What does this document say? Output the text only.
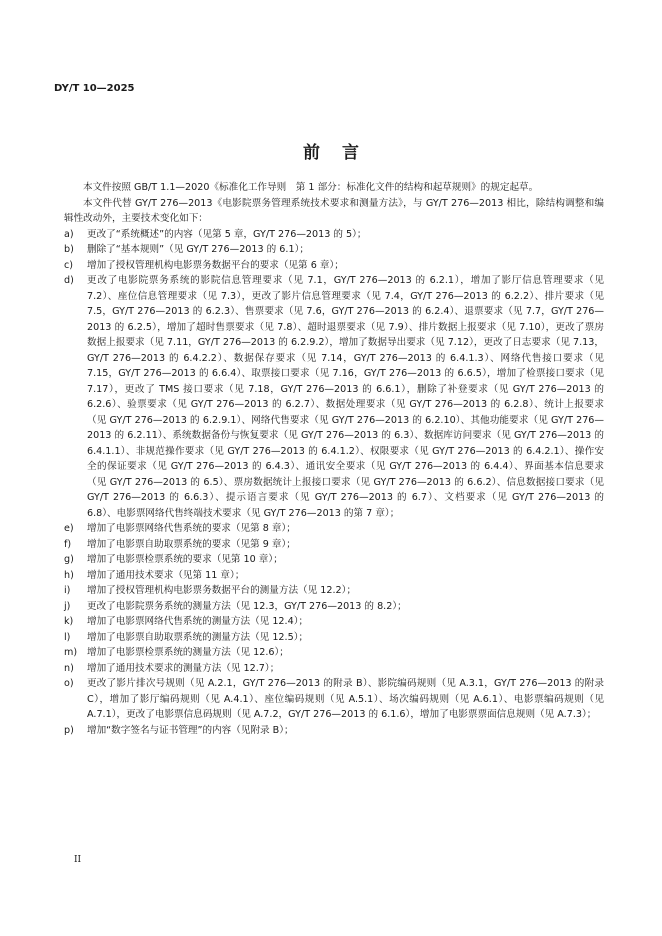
DY/T 10—2025
前言
本文件按照 GB/T 1.1—2020《标准化工作导则　第 1 部分：标准化文件的结构和起草规则》的规定起草。
本文件代替 GY/T 276—2013《电影院票务管理系统技术要求和测量方法》，与 GY/T 276—2013 相比，除结构调整和编辑性改动外，主要技术变化如下：
a)	更改了“系统概述”的内容（见第 5 章，GY/T 276—2013 的 5）；
b)	删除了“基本规则”（见 GY/T 276—2013 的 6.1）；
c)	增加了授权管理机构电影票务数据平台的要求（见第 6 章）；
d)	更改了电影院票务系统的影院信息管理要求（见 7.1，GY/T 276—2013 的 6.2.1），增加了影厅信息管理要求（见 7.2）、座位信息管理要求（见 7.3），更改了影片信息管理要求（见 7.4，GY/T 276—2013 的 6.2.2）、排片要求（见 7.5，GY/T 276—2013 的 6.2.3）、售票要求（见 7.6，GY/T 276—2013 的 6.2.4）、退票要求（见 7.7，GY/T 276—2013 的 6.2.5），增加了超时售票要求（见 7.8）、超时退票要求（见 7.9）、排片数据上报要求（见 7.10），更改了票房数据上报要求（见 7.11，GY/T 276—2013 的 6.2.9.2），增加了数据导出要求（见 7.12），更改了日志要求（见 7.13，GY/T 276—2013 的 6.4.2.2）、数据保存要求（见 7.14，GY/T 276—2013 的 6.4.1.3）、网络代售接口要求（见 7.15，GY/T 276—2013 的 6.6.4）、取票接口要求（见 7.16，GY/T 276—2013 的 6.6.5），增加了检票接口要求（见 7.17），更改了 TMS 接口要求（见 7.18，GY/T 276—2013 的 6.6.1），删除了补登要求（见 GY/T 276—2013 的 6.2.6）、验票要求（见 GY/T 276—2013 的 6.2.7）、数据处理要求（见 GY/T 276—2013 的 6.2.8）、统计上报要求（见 GY/T 276—2013 的 6.2.9.1）、网络代售要求（见 GY/T 276—2013 的 6.2.10）、其他功能要求（见 GY/T 276—2013 的 6.2.11）、系统数据备份与恢复要求（见 GY/T 276—2013 的 6.3）、数据库访问要求（见 GY/T 276—2013 的 6.4.1.1）、非规范操作要求（见 GY/T 276—2013 的 6.4.1.2）、权限要求（见 GY/T 276—2013 的 6.4.2.1）、操作安全的保证要求（见 GY/T 276—2013 的 6.4.3）、通讯安全要求（见 GY/T 276—2013 的 6.4.4）、界面基本信息要求（见 GY/T 276—2013 的 6.5）、票房数据统计上报接口要求（见 GY/T 276—2013 的 6.6.2）、信息数据接口要求（见 GY/T 276—2013 的 6.6.3）、提示语言要求（见 GY/T 276—2013 的 6.7）、文档要求（见 GY/T 276—2013 的 6.8）、电影票网络代售终端技术要求（见 GY/T 276—2013 的第 7 章）；
e)	增加了电影票网络代售系统的要求（见第 8 章）；
f)	增加了电影票自助取票系统的要求（见第 9 章）；
g)	增加了电影票检票系统的要求（见第 10 章）；
h)	增加了通用技术要求（见第 11 章）；
i)	增加了授权管理机构电影票务数据平台的测量方法（见 12.2）；
j)	更改了电影院票务系统的测量方法（见 12.3，GY/T 276—2013 的 8.2）；
k)	增加了电影票网络代售系统的测量方法（见 12.4）；
l)	增加了电影票自助取票系统的测量方法（见 12.5）；
m)	增加了电影票检票系统的测量方法（见 12.6）；
n)	增加了通用技术要求的测量方法（见 12.7）；
o)	更改了影片排次号规则（见 A.2.1，GY/T 276—2013 的附录 B）、影院编码规则（见 A.3.1，GY/T 276—2013 的附录 C），增加了影厅编码规则（见 A.4.1）、座位编码规则（见 A.5.1）、场次编码规则（见 A.6.1）、电影票编码规则（见 A.7.1），更改了电影票信息码规则（见 A.7.2，GY/T 276—2013 的 6.1.6），增加了电影票票面信息规则（见 A.7.3）；
p)	增加“数字签名与证书管理”的内容（见附录 B）；
II
